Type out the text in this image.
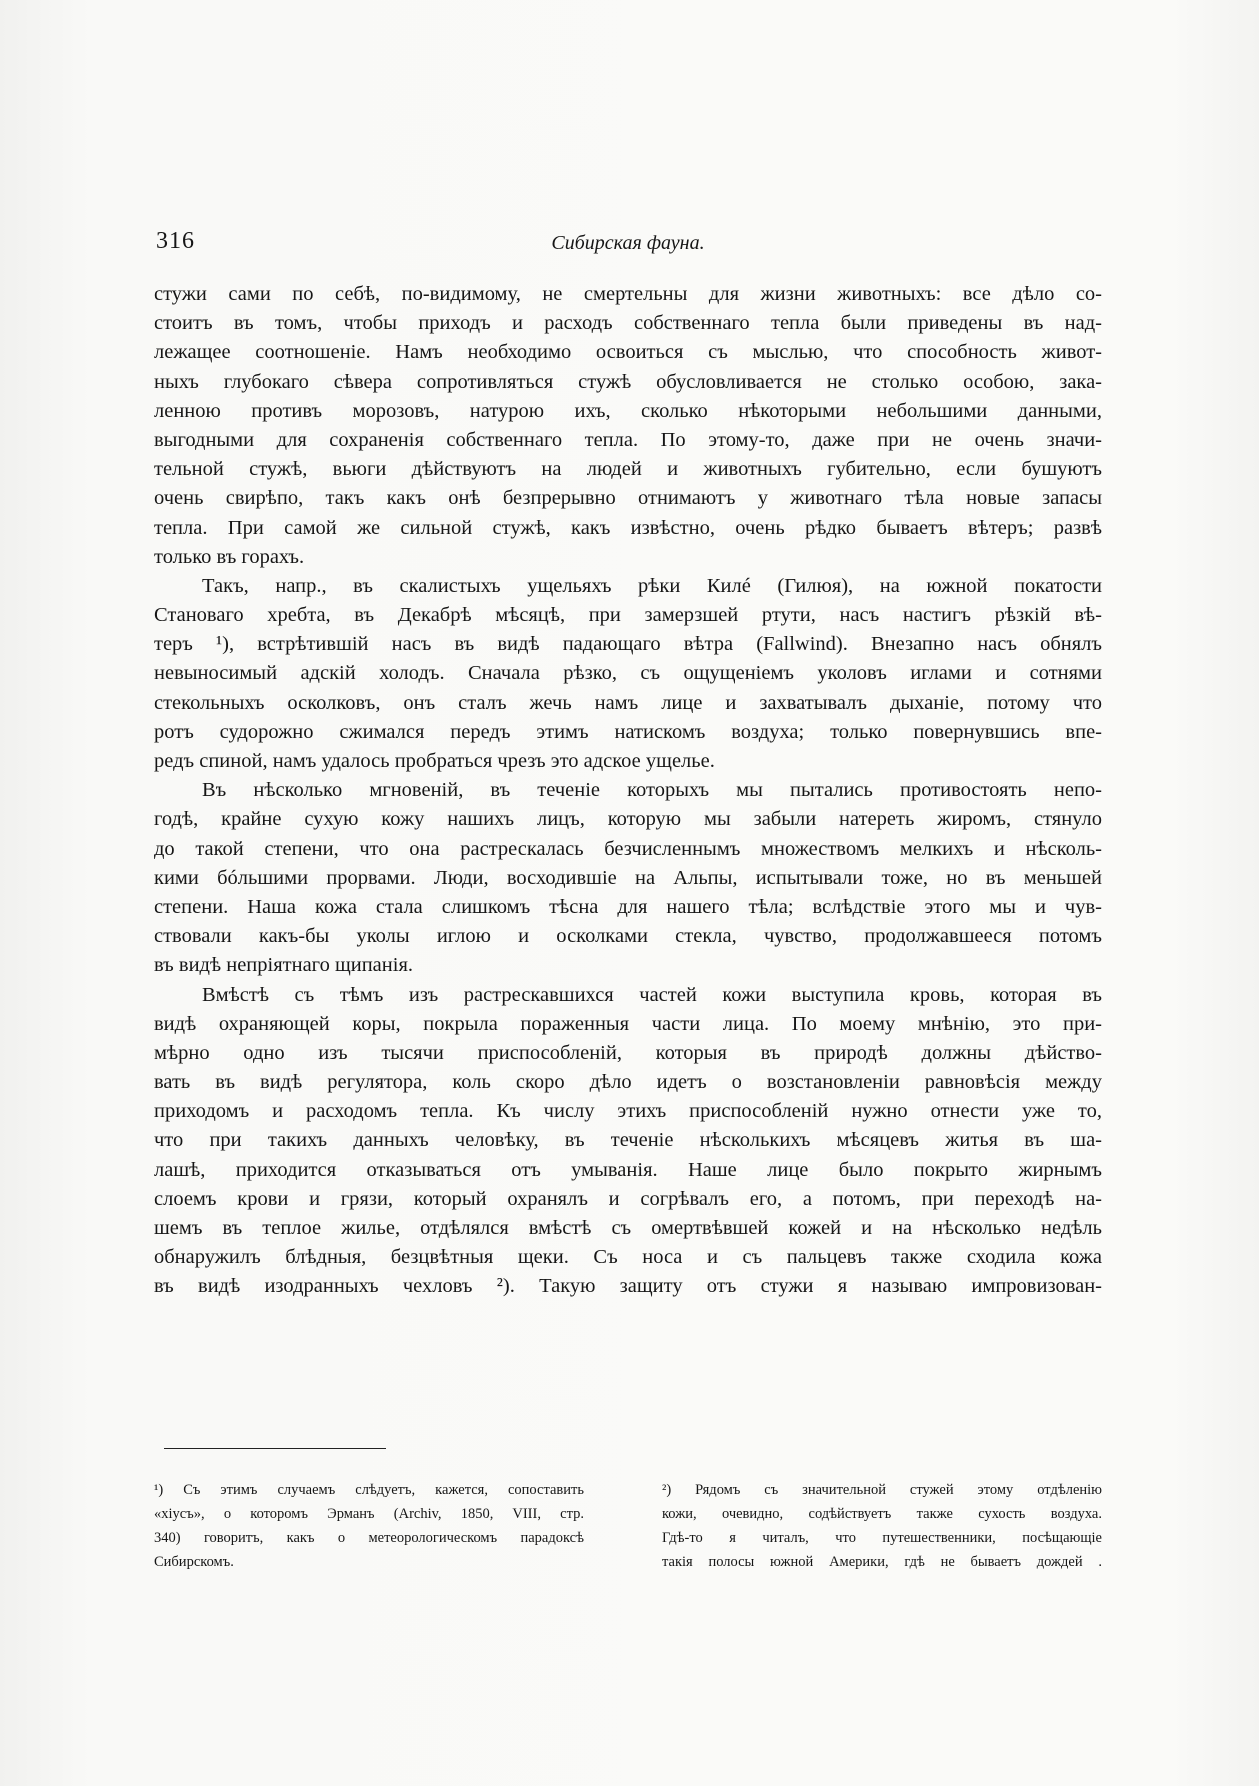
316	Сибирская фауна.
стужи сами по себѣ, по-видимому, не смертельны для жизни животныхъ: все дѣло со-
стоитъ въ томъ, чтобы приходъ и расходъ собственнаго тепла были приведены въ над-
лежащее соотношеніе. Намъ необходимо освоиться съ мыслью, что способность живот-
ныхъ глубокаго сѣвера сопротивляться стужѣ обусловливается не столько особою, зака-
ленною противъ морозовъ, натурою ихъ, сколько нѣкоторыми небольшими данными,
выгодными для сохраненія собственнаго тепла. По этому-то, даже при не очень значи-
тельной стужѣ, вьюги дѣйствуютъ на людей и животныхъ губительно, если бушуютъ
очень свирѣпо, такъ какъ онѣ безпрерывно отнимаютъ у животнаго тѣла новые запасы
тепла. При самой же сильной стужѣ, какъ извѣстно, очень рѣдко бываетъ вѣтеръ; развѣ
только въ горахъ.
Такъ, напр., въ скалистыхъ ущельяхъ рѣки Килé (Гилюя), на южной покатости
Становаго хребта, въ Декабрѣ мѣсяцѣ, при замерзшей ртути, насъ настигъ рѣзкій вѣ-
теръ ¹), встрѣтившій насъ въ видѣ падающаго вѣтра (Fallwind). Внезапно насъ обнялъ
невыносимый адскій холодъ. Сначала рѣзко, съ ощущеніемъ уколовъ иглами и сотнями
стекольныхъ осколковъ, онъ сталъ жечь намъ лице и захватывалъ дыханіе, потому что
ротъ судорожно сжимался передъ этимъ натискомъ воздуха; только повернувшись впе-
редъ спиной, намъ удалось пробраться чрезъ это адское ущелье.
Въ нѣсколько мгновеній, въ теченіе которыхъ мы пытались противостоять непо-
годѣ, крайне сухую кожу нашихъ лицъ, которую мы забыли натереть жиромъ, стянуло
до такой степени, что она растрескалась безчисленнымъ множествомъ мелкихъ и нѣсколь-
кими бóльшими прорвами. Люди, восходившіе на Альпы, испытывали тоже, но въ меньшей
степени. Наша кожа стала слишкомъ тѣсна для нашего тѣла; вслѣдствіе этого мы и чув-
ствовали какъ-бы уколы иглою и осколками стекла, чувство, продолжавшееся потомъ
въ видѣ непріятнаго щипанія.
Вмѣстѣ съ тѣмъ изъ растрескавшихся частей кожи выступила кровь, которая въ
видѣ охраняющей коры, покрыла пораженныя части лица. По моему мнѣнію, это при-
мѣрно одно изъ тысячи приспособленій, которыя въ природѣ должны дѣйство-
вать въ видѣ регулятора, коль скоро дѣло идетъ о возстановленіи равновѣсія между
приходомъ и расходомъ тепла. Къ числу этихъ приспособленій нужно отнести уже то,
что при такихъ данныхъ человѣку, въ теченіе нѣсколькихъ мѣсяцевъ житья въ ша-
лашѣ, приходится отказываться отъ умыванія. Наше лице было покрыто жирнымъ
слоемъ крови и грязи, который охранялъ и согрѣвалъ его, а потомъ, при переходѣ на-
шемъ въ теплое жилье, отдѣлялся вмѣстѣ съ омертвѣвшей кожей и на нѣсколько недѣль
обнаружилъ блѣдныя, безцвѣтныя щеки. Съ носа и съ пальцевъ также сходила кожа
въ видѣ изодранныхъ чехловъ ²). Такую защиту отъ стужи я называю импровизован-
¹) Съ этимъ случаемъ слѣдуетъ, кажется, сопоставить
«хіусъ», о которомъ Эрманъ (Archiv, 1850, VIII, стр.
340) говоритъ, какъ о метеорологическомъ парадоксѣ
Сибирскомъ.
²) Рядомъ съ значительной стужей этому отдѣленію
кожи, очевидно, содѣйствуетъ также сухость воздуха.
Гдѣ-то я читалъ, что путешественники, посѣщающіе
такія полосы южной Америки, гдѣ не бываетъ дождей .
